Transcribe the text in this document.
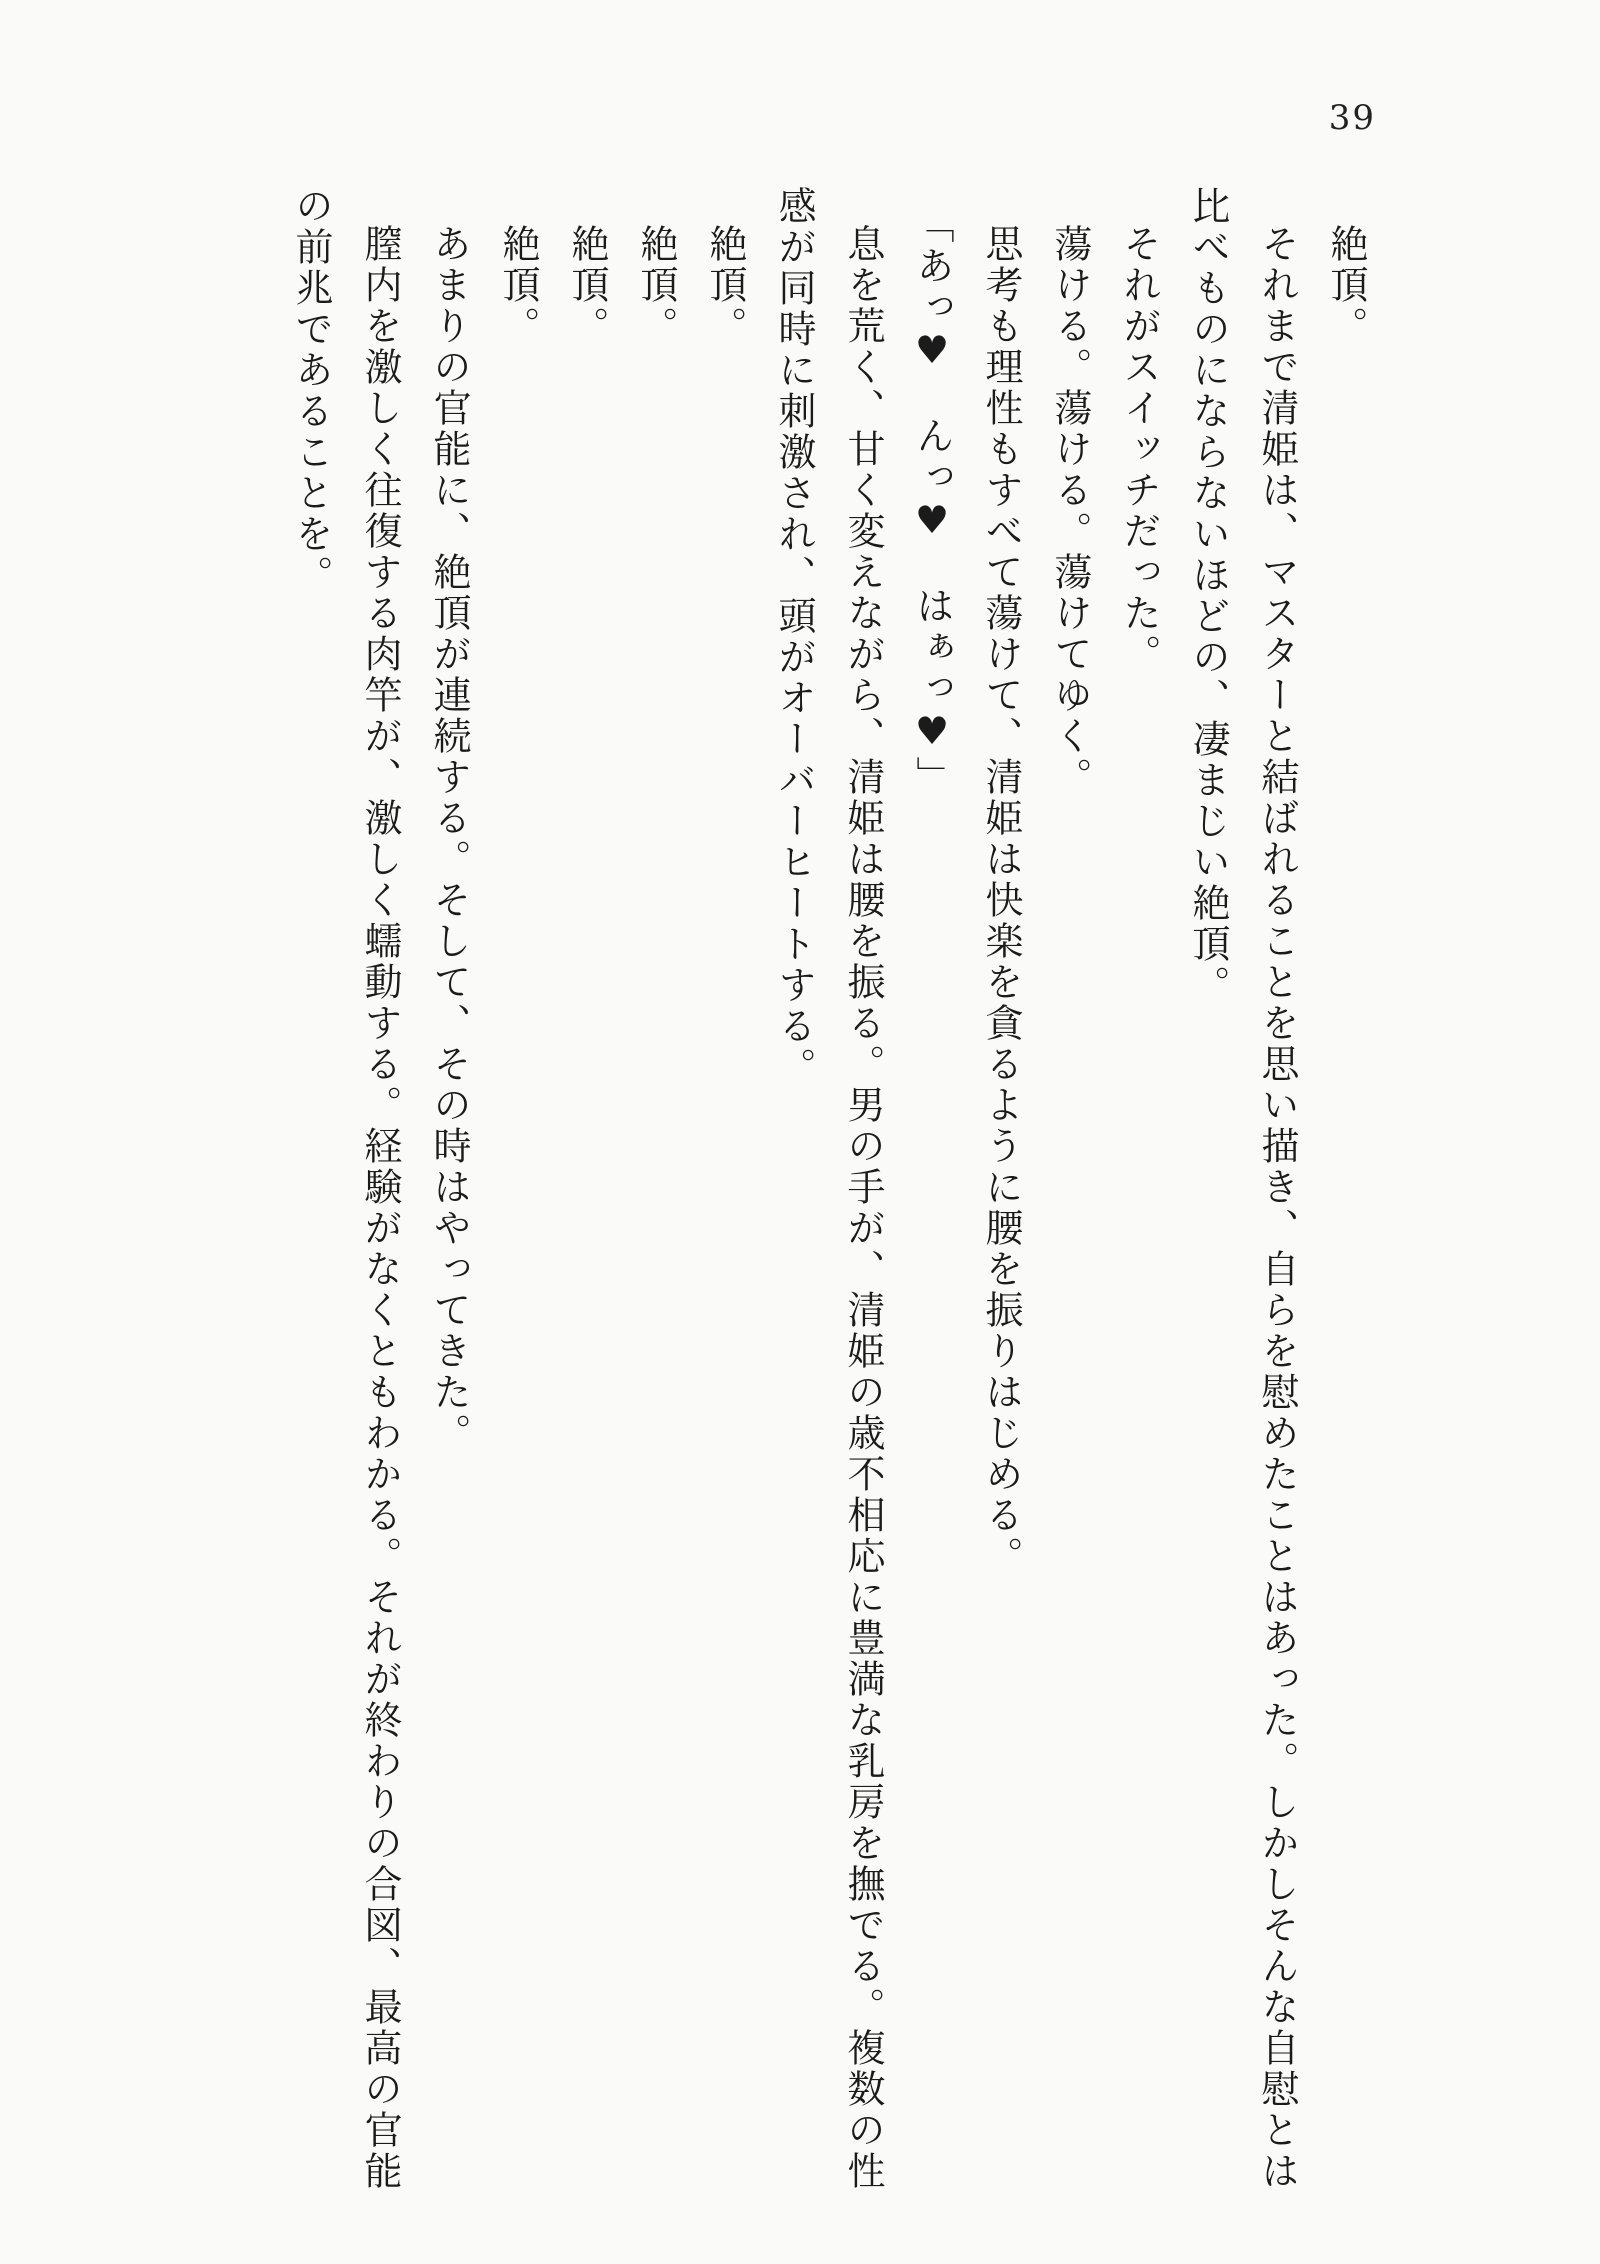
39

絶頂。

それまで清姫は、マスターと結ばれることを思い描き、自らを慰めたことはあった。しかしそんな自慰とは比べものにならないほどの、凄まじい絶頂。

それがスイッチだった。

蕩ける。蕩ける。蕩けてゆく。

思考も理性もすべて蕩けて、清姫は快楽を貪るように腰を振りはじめる。

「あっ♥　んっ♥　はぁっ♥」

息を荒く、甘く変えながら、清姫は腰を振る。男の手が、清姫の歳不相応に豊満な乳房を撫でる。複数の性感が同時に刺激され、頭がオーバーヒートする。

絶頂。

絶頂。

絶頂。

絶頂。

あまりの官能に、絶頂が連続する。そして、その時はやってきた。

膣内を激しく往復する肉竿が、激しく蠕動する。経験がなくともわかる。それが終わりの合図、最高の官能の前兆であることを。
